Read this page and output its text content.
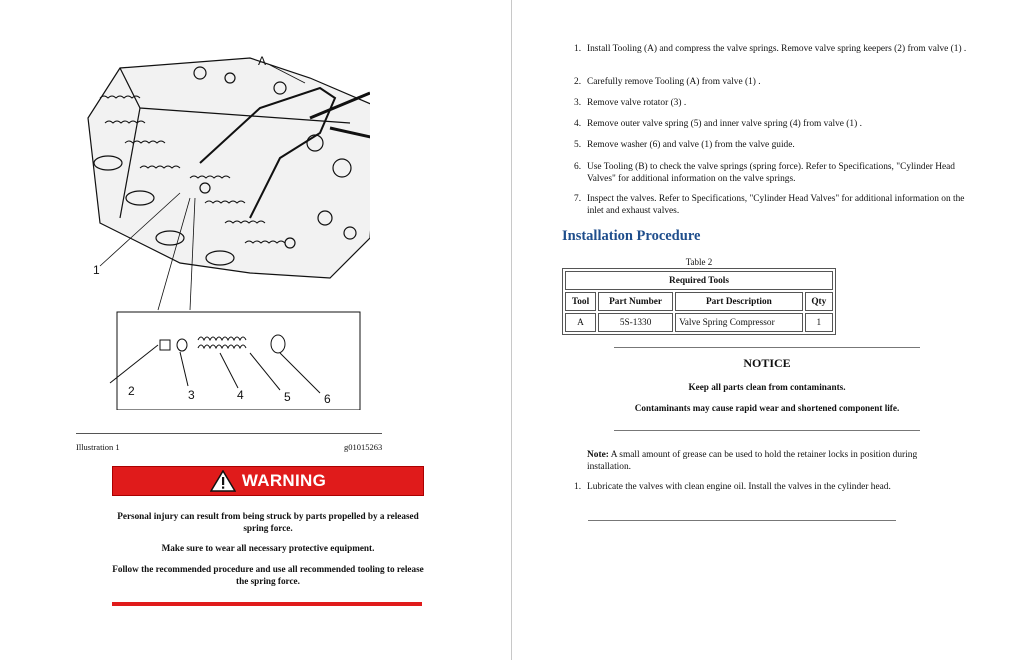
A
1
2	3	4	5	6
Illustration 1	g01015263
WARNING
Personal injury can result from being struck by parts propelled by a released spring force.
Make sure to wear all necessary protective equipment.
Follow the recommended procedure and use all recommended tooling to release the spring force.
1. Install Tooling (A) and compress the valve springs. Remove valve spring keepers (2) from valve (1) .
2. Carefully remove Tooling (A) from valve (1) .
3. Remove valve rotator (3) .
4. Remove outer valve spring (5) and inner valve spring (4) from valve (1) .
5. Remove washer (6) and valve (1) from the valve guide.
6. Use Tooling (B) to check the valve springs (spring force). Refer to Specifications, "Cylinder Head Valves" for additional information on the valve springs.
7. Inspect the valves. Refer to Specifications, "Cylinder Head Valves" for additional information on the inlet and exhaust valves.
Installation Procedure
Table 2
Required Tools			
Tool	Part Number	Part Description	Qty
A	5S-1330	Valve Spring Compressor	1
NOTICE
Keep all parts clean from contaminants.
Contaminants may cause rapid wear and shortened component life.
Note: A small amount of grease can be used to hold the retainer locks in position during installation.
1. Lubricate the valves with clean engine oil. Install the valves in the cylinder head.
